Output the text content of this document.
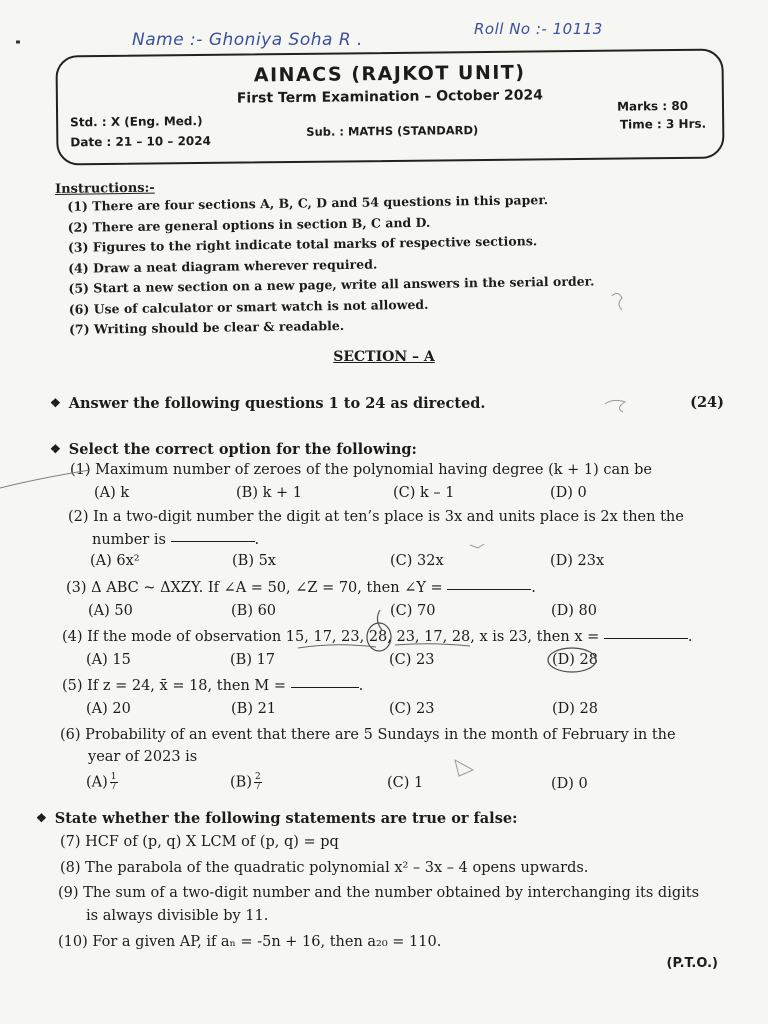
Name :- Ghoniya Soha R .
Roll No :- 10113
AINACS (RAJKOT UNIT)
First Term Examination – October 2024
Std. : X (Eng. Med.)
Date : 21 – 10 – 2024
Sub. : MATHS (STANDARD)
Marks : 80
Time : 3 Hrs.
Instructions:-
(1) There are four sections A, B, C, D and 54 questions in this paper.
(2) There are general options in section B, C and D.
(3) Figures to the right indicate total marks of respective sections.
(4) Draw a neat diagram wherever required.
(5) Start a new section on a new page, write all answers in the serial order.
(6) Use of calculator or smart watch is not allowed.
(7) Writing should be clear & readable.
SECTION – A
❖ Answer the following questions 1 to 24 as directed.	(24)
❖ Select the correct option for the following:
(1) Maximum number of zeroes of the polynomial having degree (k + 1) can be
(A) k	(B) k + 1	(C) k – 1	(D) 0
(2) In a two-digit number the digit at ten’s place is 3x and units place is 2x then the
number is	.
(A) 6x²	(B) 5x	(C) 32x	(D) 23x
(3) Δ ABC ~ ΔXZY. If ∠A = 50, ∠Z = 70, then ∠Y =	.
(A) 50	(B) 60	(C) 70	(D) 80
(4) If the mode of observation 15, 17, 23, 28, 23, 17, 28, x is 23, then x =	.
(A) 15	(B) 17	(C) 23	(D) 28
(5) If z = 24, x̄ = 18, then M =	.
(A) 20	(B) 21	(C) 23	(D) 28
(6) Probability of an event that there are 5 Sundays in the month of February in the
year of 2023 is
$(A) \frac{1}{7}$	$(B) \frac{2}{7}$	(C) 1	(D) 0
❖ State whether the following statements are true or false:
(7) HCF of (p, q) X LCM of (p, q) = pq
(8) The parabola of the quadratic polynomial x² – 3x – 4 opens upwards.
(9) The sum of a two-digit number and the number obtained by interchanging its digits
is always divisible by 11.
(10) For a given AP, if aₙ = -5n + 16, then a₂₀ = 110.
(P.T.O.)
